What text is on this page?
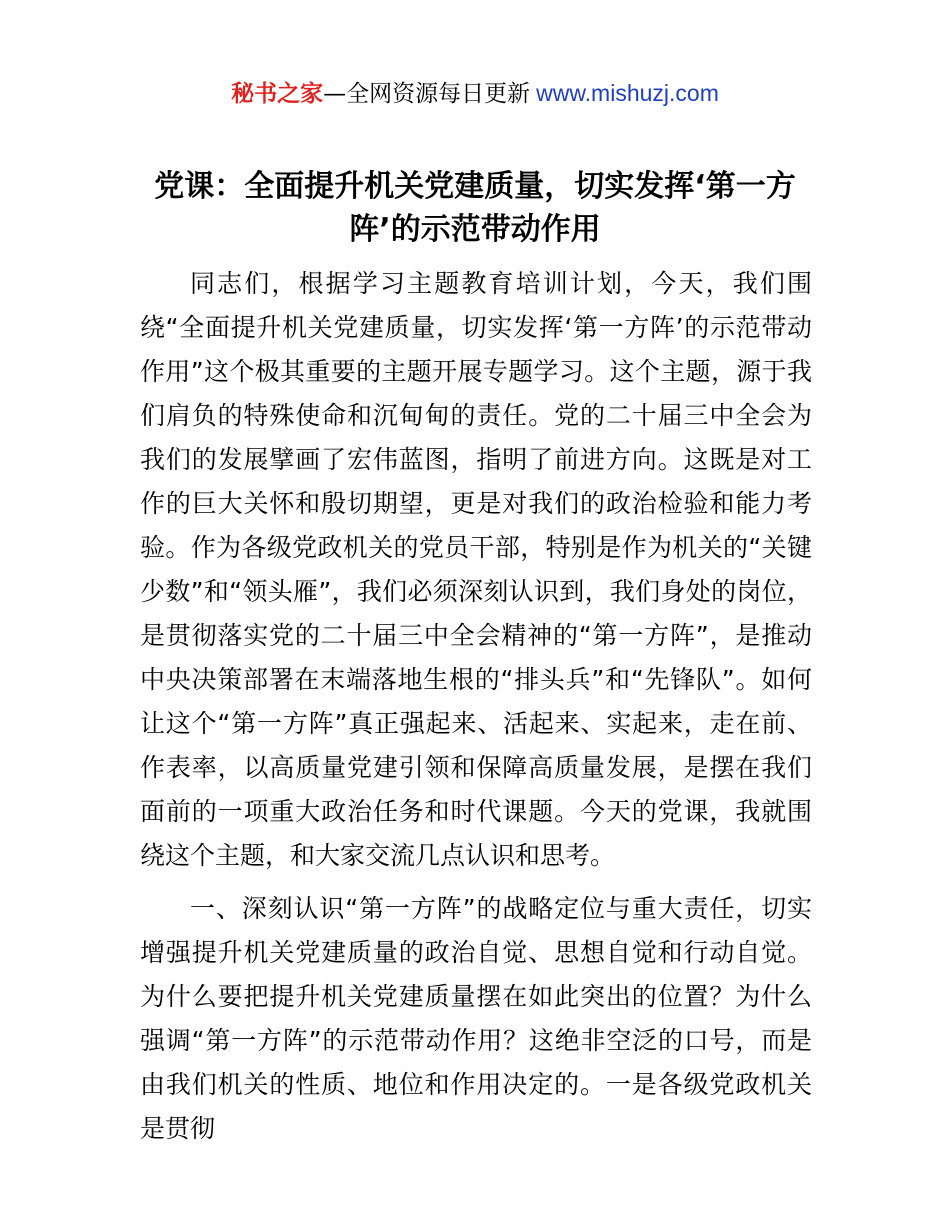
秘书之家—全网资源每日更新 www.mishuzj.com
党课：全面提升机关党建质量，切实发挥‘第一方阵’的示范带动作用

同志们，根据学习主题教育培训计划，今天，我们围绕“全面提升机关党建质量，切实发挥‘第一方阵’的示范带动作用”这个极其重要的主题开展专题学习。这个主题，源于我们肩负的特殊使命和沉甸甸的责任。党的二十届三中全会为我们的发展擘画了宏伟蓝图，指明了前进方向。这既是对工作的巨大关怀和殷切期望，更是对我们的政治检验和能力考验。作为各级党政机关的党员干部，特别是作为机关的“关键少数”和“领头雁”，我们必须深刻认识到，我们身处的岗位，是贯彻落实党的二十届三中全会精神的“第一方阵”，是推动中央决策部署在末端落地生根的“排头兵”和“先锋队”。如何让这个“第一方阵”真正强起来、活起来、实起来，走在前、作表率，以高质量党建引领和保障高质量发展，是摆在我们面前的一项重大政治任务和时代课题。今天的党课，我就围绕这个主题，和大家交流几点认识和思考。

一、深刻认识“第一方阵”的战略定位与重大责任，切实增强提升机关党建质量的政治自觉、思想自觉和行动自觉。为什么要把提升机关党建质量摆在如此突出的位置？为什么强调“第一方阵”的示范带动作用？这绝非空泛的口号，而是由我们机关的性质、地位和作用决定的。一是各级党政机关是贯彻
